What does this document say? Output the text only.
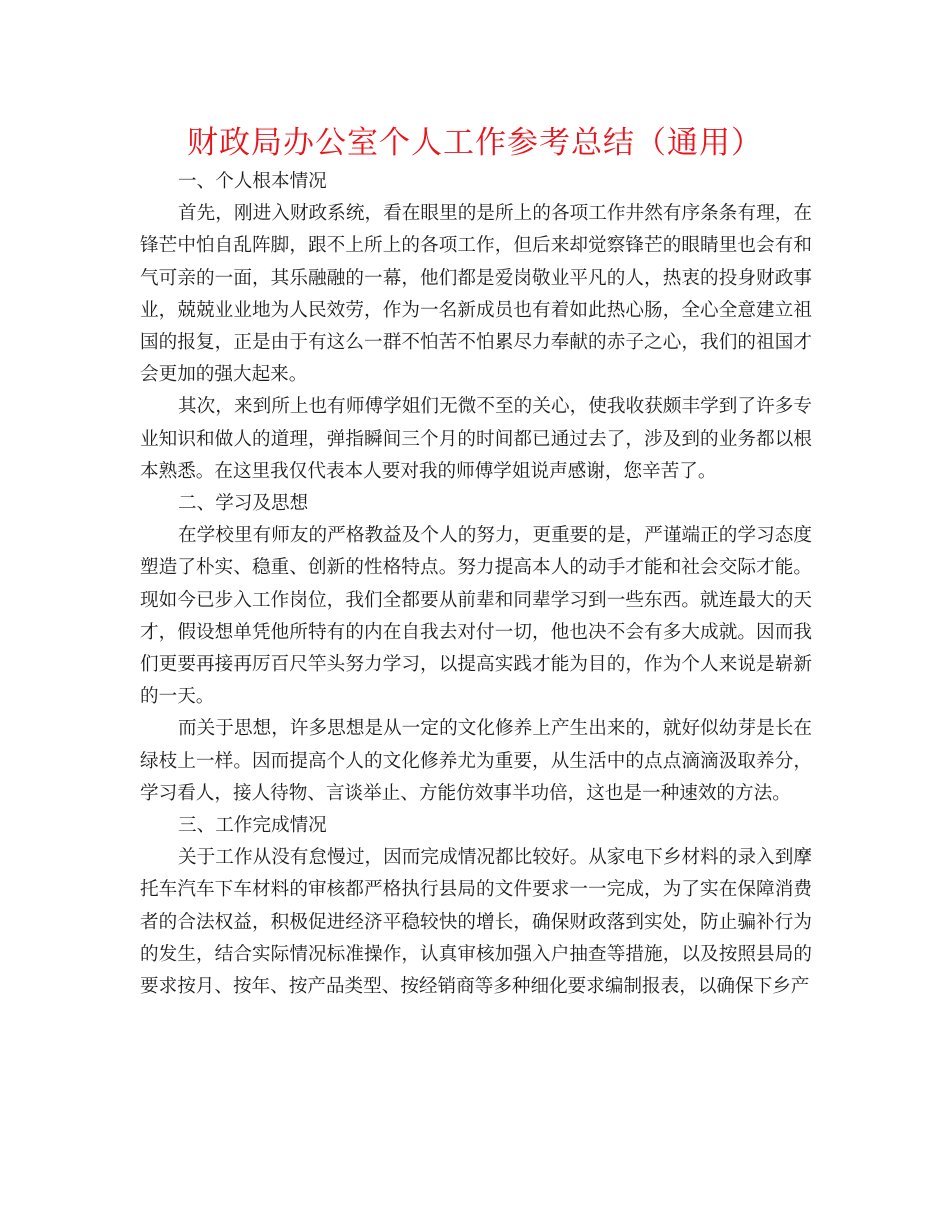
财政局办公室个人工作参考总结（通用）

一、个人根本情况

首先，刚进入财政系统，看在眼里的是所上的各项工作井然有序条条有理，在锋芒中怕自乱阵脚，跟不上所上的各项工作，但后来却觉察锋芒的眼睛里也会有和气可亲的一面，其乐融融的一幕，他们都是爱岗敬业平凡的人，热衷的投身财政事业，兢兢业业地为人民效劳，作为一名新成员也有着如此热心肠，全心全意建立祖国的报复，正是由于有这么一群不怕苦不怕累尽力奉献的赤子之心，我们的祖国才会更加的强大起来。

其次，来到所上也有师傅学姐们无微不至的关心，使我收获颇丰学到了许多专业知识和做人的道理，弹指瞬间三个月的时间都已通过去了，涉及到的业务都以根本熟悉。在这里我仅代表本人要对我的师傅学姐说声感谢，您辛苦了。

二、学习及思想

在学校里有师友的严格教益及个人的努力，更重要的是，严谨端正的学习态度塑造了朴实、稳重、创新的性格特点。努力提高本人的动手才能和社会交际才能。现如今已步入工作岗位，我们全都要从前辈和同辈学习到一些东西。就连最大的天才，假设想单凭他所特有的内在自我去对付一切，他也决不会有多大成就。因而我们更要再接再厉百尺竿头努力学习，以提高实践才能为目的，作为个人来说是崭新的一天。

而关于思想，许多思想是从一定的文化修养上产生出来的，就好似幼芽是长在绿枝上一样。因而提高个人的文化修养尤为重要，从生活中的点点滴滴汲取养分，学习看人，接人待物、言谈举止、方能仿效事半功倍，这也是一种速效的方法。

三、工作完成情况

关于工作从没有怠慢过，因而完成情况都比较好。从家电下乡材料的录入到摩托车汽车下车材料的审核都严格执行县局的文件要求一一完成，为了实在保障消费者的合法权益，积极促进经济平稳较快的增长，确保财政落到实处，防止骗补行为的发生，结合实际情况标准操作，认真审核加强入户抽查等措施，以及按照县局的要求按月、按年、按产品类型、按经销商等多种细化要求编制报表，以确保下乡产
